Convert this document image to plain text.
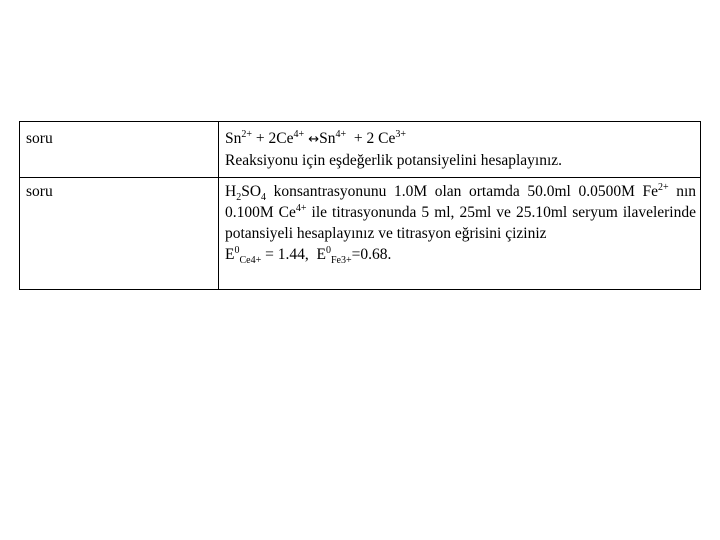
soru	$Sn^{2+} + 2Ce^{4+}$ $\leftrightarrow Sn^{4+} + 2$ $Ce^{3+}$
Reaksiyonu için eşdeğerlik potansiyelini hesaplayınız.

soru	$H_2SO_4$ konsantrasyonunu 1.0M olan ortamda 50.0ml 0.0500M $Fe^{2+}$ nın 0.100M $Ce^{4+}$ ile titrasyonunda 5 ml, 25ml ve 25.10ml seryum ilavelerinde potansiyeli hesaplayınız ve titrasyon eğrisini çiziniz
$E^0_{Ce4+} = 1.44$,  $E^0_{Fe3+}=0.68$.
